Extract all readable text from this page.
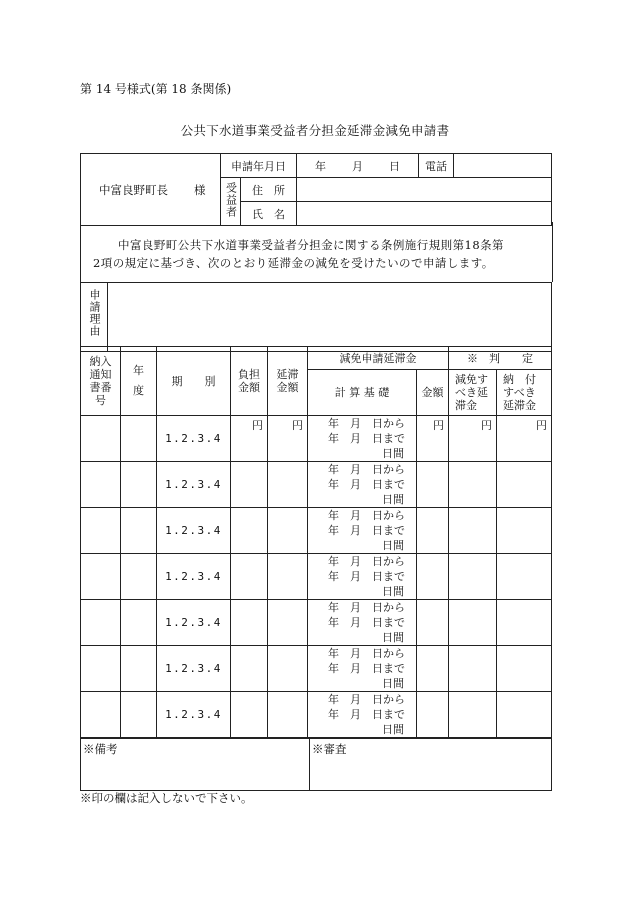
第 14 号様式(第 18 条関係)
公共下水道事業受益者分担金延滞金減免申請書
中富良野町長 様	申請年月日		年 月 日	電話	
	受益者	住　所			
		氏　名			
中富良野町公共下水道事業受益者分担金に関する条例施行規則第18条第
2項の規定に基づき、次のとおり延滞金の減免を受けたいので申請します。
申請理由	
納入通知書番号	年　度	期　　別	負担金額	延滞金額	減免申請延滞金		※　判　　定	
					計 算 基 礎	金額	減免すべき延滞金	納　付すべき延滞金
		1.2.3.4	円	円	年　月　日から
年　月　日まで
日間	円	円	円
		1.2.3.4			年　月　日から
年　月　日まで
日間			

		1.2.3.4			年　月　日から
年　月　日まで
日間			

		1.2.3.4			年　月　日から
年　月　日まで
日間			

		1.2.3.4			年　月　日から
年　月　日まで
日間			

		1.2.3.4			年　月　日から
年　月　日まで
日間			

		1.2.3.4			年　月　日から
年　月　日まで
日間			

※備考	※審査
※印の欄は記入しないで下さい。
